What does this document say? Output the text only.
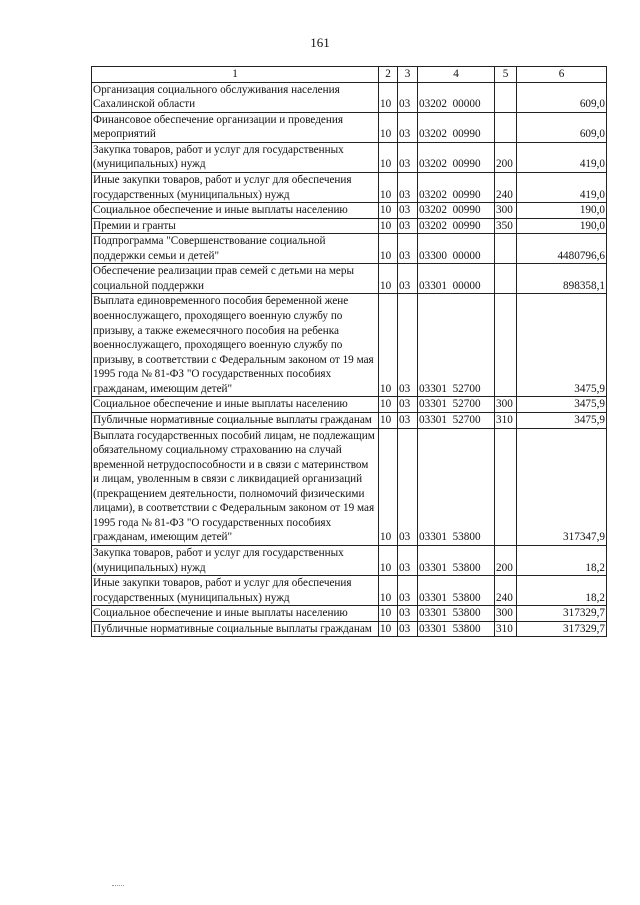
161
1	2	3	4	5	6
Организация социального обслуживания населения Сахалинской области	10	03	03202  00000		609,0
Финансовое обеспечение организации и проведения мероприятий	10	03	03202  00990		609,0
Закупка товаров, работ и услуг для государственных (муниципальных) нужд	10	03	03202  00990	200	419,0
Иные закупки товаров, работ и услуг для обеспечения государственных (муниципальных) нужд	10	03	03202  00990	240	419,0
Социальное обеспечение и иные выплаты населению	10	03	03202  00990	300	190,0
Премии и гранты	10	03	03202  00990	350	190,0
Подпрограмма "Совершенствование социальной поддержки семьи и детей"	10	03	03300  00000		4480796,6
Обеспечение реализации прав семей с детьми на меры социальной поддержки	10	03	03301  00000		898358,1
Выплата единовременного пособия беременной жене военнослужащего, проходящего военную службу по призыву, а также ежемесячного пособия на ребенка военнослужащего, проходящего военную службу по призыву, в соответствии с Федеральным законом от 19 мая 1995 года № 81-ФЗ "О государственных пособиях гражданам, имеющим детей"	10	03	03301  52700		3475,9
Социальное обеспечение и иные выплаты населению	10	03	03301  52700	300	3475,9
Публичные нормативные социальные выплаты гражданам	10	03	03301  52700	310	3475,9
Выплата государственных пособий лицам, не подлежащим обязательному социальному страхованию на случай временной нетрудоспособности и в связи с материнством и лицам, уволенным в связи с ликвидацией организаций (прекращением деятельности, полномочий физическими лицами), в соответствии с Федеральным законом от 19 мая 1995 года № 81-ФЗ "О государственных пособиях гражданам, имеющим детей"	10	03	03301  53800		317347,9
Закупка товаров, работ и услуг для государственных (муниципальных) нужд	10	03	03301  53800	200	18,2
Иные закупки товаров, работ и услуг для обеспечения государственных (муниципальных) нужд	10	03	03301  53800	240	18,2
Социальное обеспечение и иные выплаты населению	10	03	03301  53800	300	317329,7
Публичные нормативные социальные выплаты гражданам	10	03	03301  53800	310	317329,7
